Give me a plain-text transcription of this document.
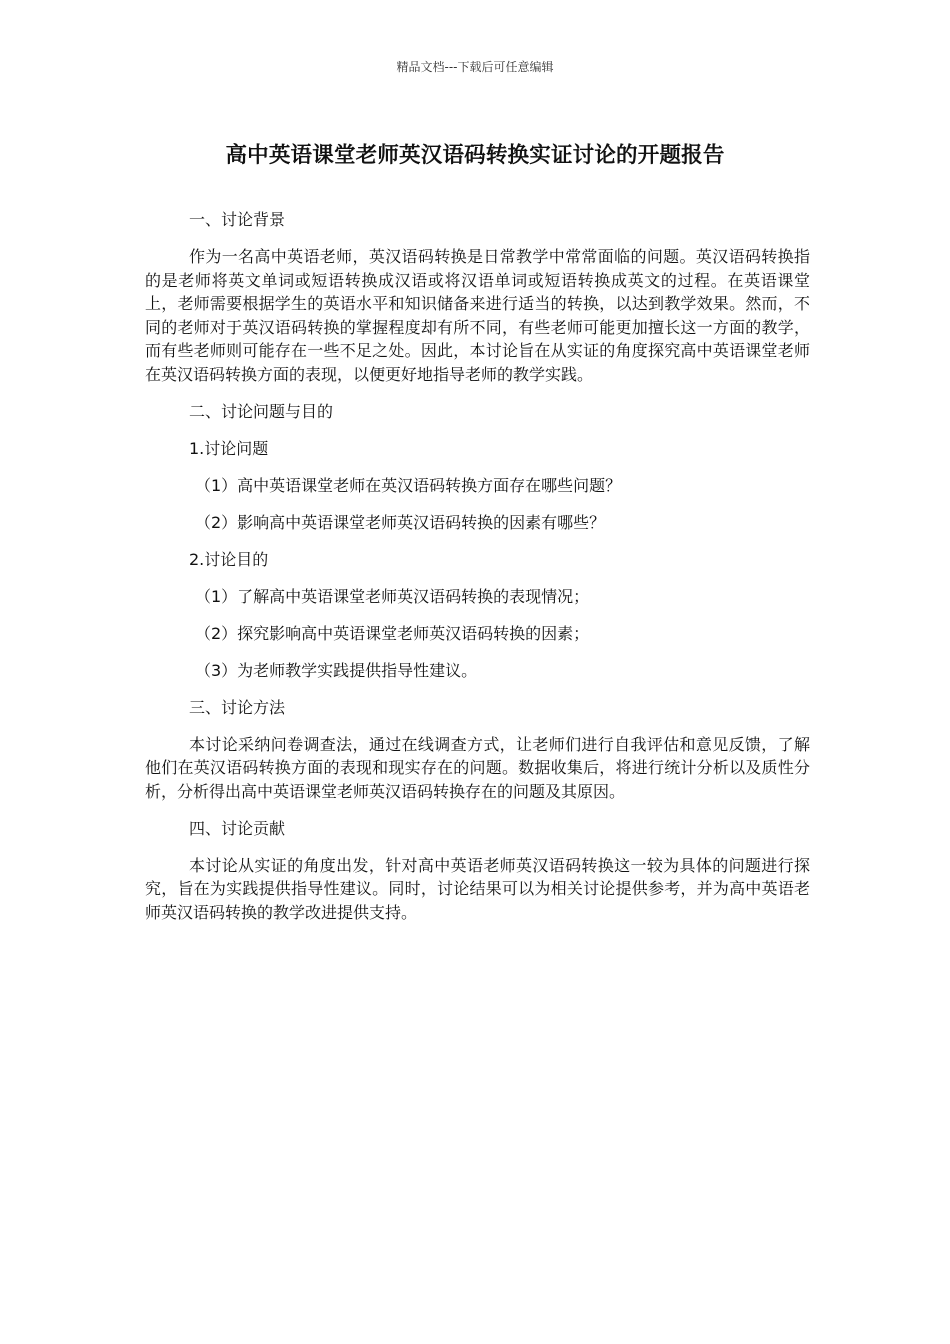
精品文档---下载后可任意编辑
高中英语课堂老师英汉语码转换实证讨论的开题报告
一、讨论背景
作为一名高中英语老师，英汉语码转换是日常教学中常常面临的问题。英汉语码转换指的是老师将英文单词或短语转换成汉语或将汉语单词或短语转换成英文的过程。在英语课堂上，老师需要根据学生的英语水平和知识储备来进行适当的转换，以达到教学效果。然而，不同的老师对于英汉语码转换的掌握程度却有所不同，有些老师可能更加擅长这一方面的教学，而有些老师则可能存在一些不足之处。因此，本讨论旨在从实证的角度探究高中英语课堂老师在英汉语码转换方面的表现，以便更好地指导老师的教学实践。
二、讨论问题与目的
1.讨论问题
（1）高中英语课堂老师在英汉语码转换方面存在哪些问题？
（2）影响高中英语课堂老师英汉语码转换的因素有哪些？
2.讨论目的
（1）了解高中英语课堂老师英汉语码转换的表现情况；
（2）探究影响高中英语课堂老师英汉语码转换的因素；
（3）为老师教学实践提供指导性建议。
三、讨论方法
本讨论采纳问卷调查法，通过在线调查方式，让老师们进行自我评估和意见反馈，了解他们在英汉语码转换方面的表现和现实存在的问题。数据收集后，将进行统计分析以及质性分析，分析得出高中英语课堂老师英汉语码转换存在的问题及其原因。
四、讨论贡献
本讨论从实证的角度出发，针对高中英语老师英汉语码转换这一较为具体的问题进行探究，旨在为实践提供指导性建议。同时，讨论结果可以为相关讨论提供参考，并为高中英语老师英汉语码转换的教学改进提供支持。
